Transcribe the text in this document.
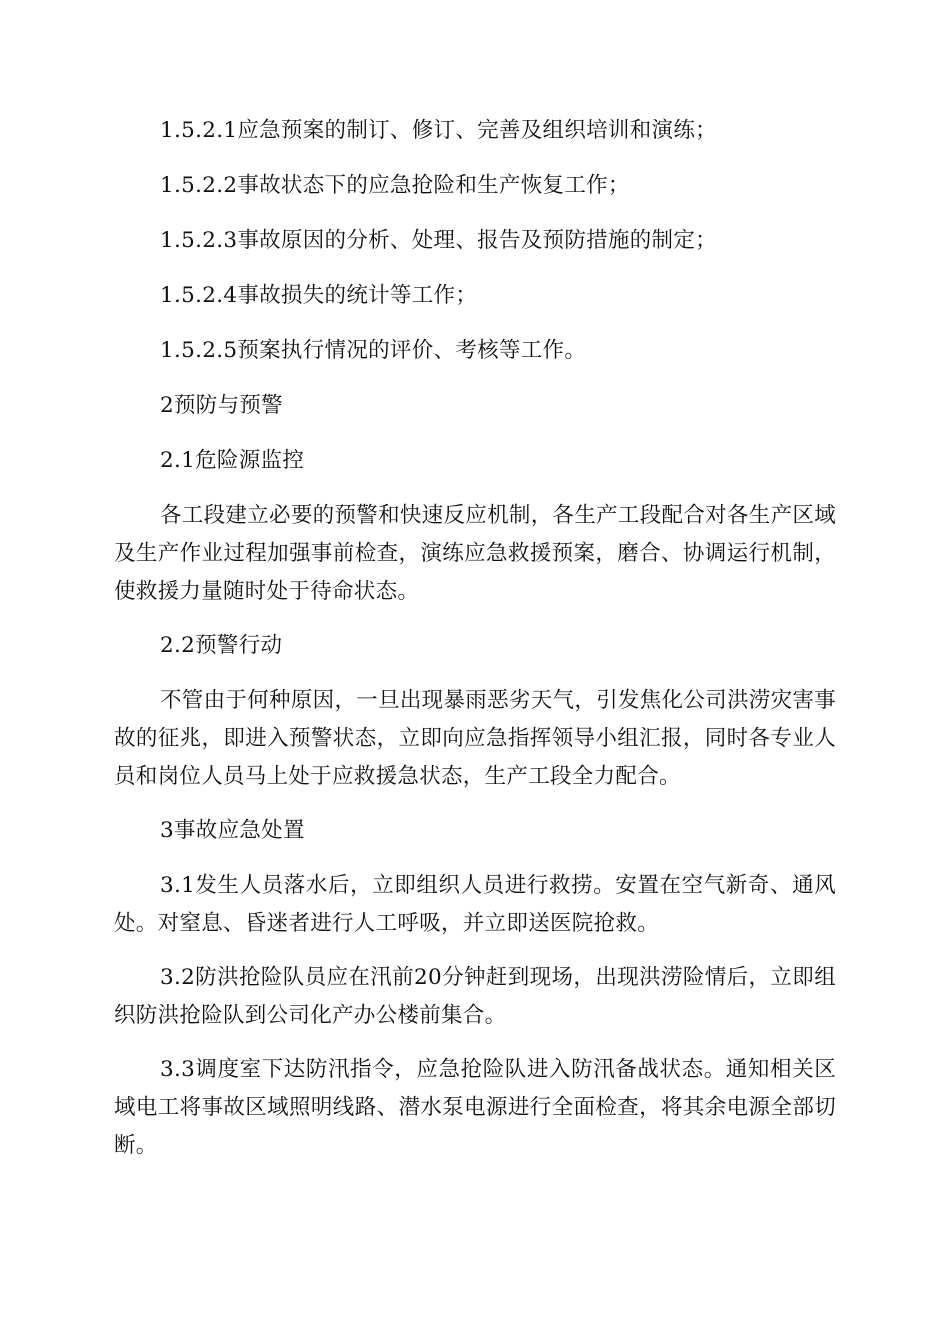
1.5.2.1应急预案的制订、修订、完善及组织培训和演练；

1.5.2.2事故状态下的应急抢险和生产恢复工作；

1.5.2.3事故原因的分析、处理、报告及预防措施的制定；

1.5.2.4事故损失的统计等工作；

1.5.2.5预案执行情况的评价、考核等工作。

2预防与预警

2.1危险源监控

各工段建立必要的预警和快速反应机制，各生产工段配合对各生产区域及生产作业过程加强事前检查，演练应急救援预案，磨合、协调运行机制，使救援力量随时处于待命状态。

2.2预警行动

不管由于何种原因，一旦出现暴雨恶劣天气，引发焦化公司洪涝灾害事故的征兆，即进入预警状态，立即向应急指挥领导小组汇报，同时各专业人员和岗位人员马上处于应救援急状态，生产工段全力配合。

3事故应急处置

3.1发生人员落水后，立即组织人员进行救捞。安置在空气新奇、通风处。对窒息、昏迷者进行人工呼吸，并立即送医院抢救。

3.2防洪抢险队员应在汛前20分钟赶到现场，出现洪涝险情后，立即组织防洪抢险队到公司化产办公楼前集合。

3.3调度室下达防汛指令，应急抢险队进入防汛备战状态。通知相关区域电工将事故区域照明线路、潜水泵电源进行全面检查，将其余电源全部切断。
